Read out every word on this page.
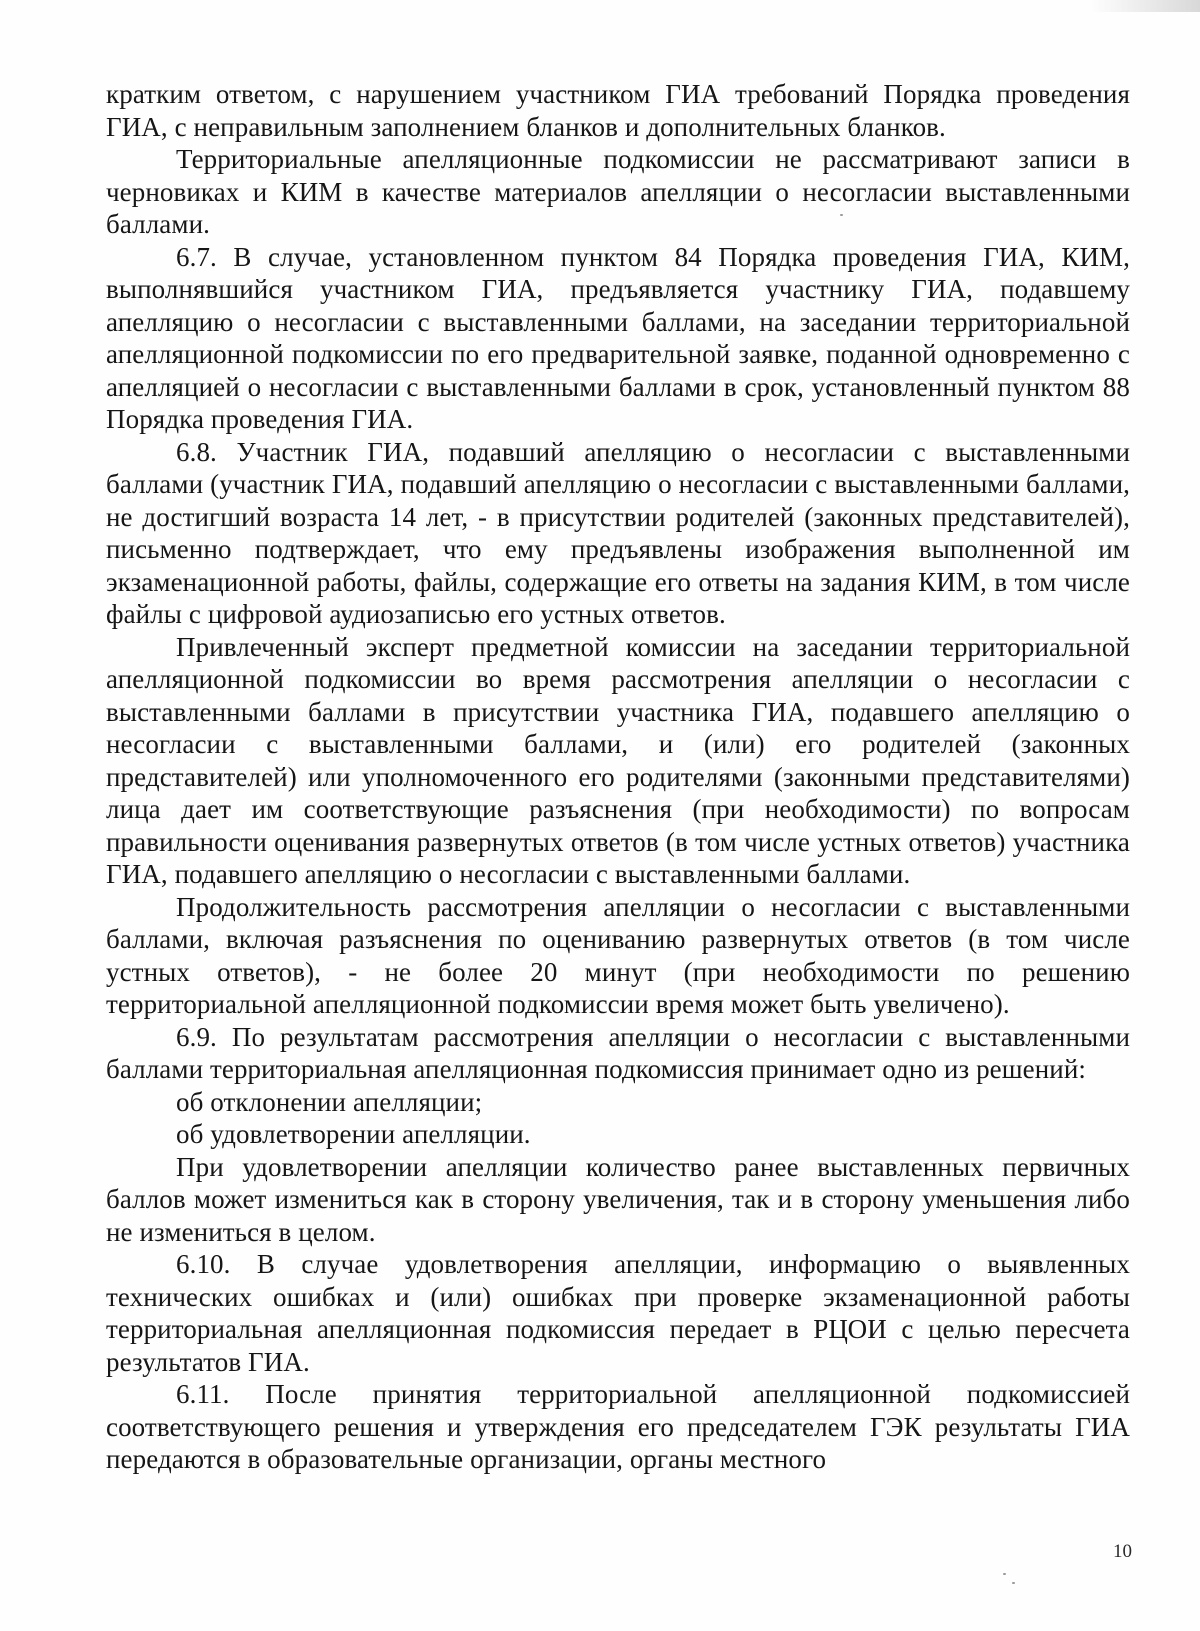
кратким ответом, с нарушением участником ГИА требований Порядка проведения ГИА, с неправильным заполнением бланков и дополнительных бланков.

Территориальные апелляционные подкомиссии не рассматривают записи в черновиках и КИМ в качестве материалов апелляции о несогласии выставленными баллами.

6.7. В случае, установленном пунктом 84 Порядка проведения ГИА, КИМ, выполнявшийся участником ГИА, предъявляется участнику ГИА, подавшему апелляцию о несогласии с выставленными баллами, на заседании территориальной апелляционной подкомиссии по его предварительной заявке, поданной одновременно с апелляцией о несогласии с выставленными баллами в срок, установленный пунктом 88 Порядка проведения ГИА.

6.8. Участник ГИА, подавший апелляцию о несогласии с выставленными баллами (участник ГИА, подавший апелляцию о несогласии с выставленными баллами, не достигший возраста 14 лет, - в присутствии родителей (законных представителей), письменно подтверждает, что ему предъявлены изображения выполненной им экзаменационной работы, файлы, содержащие его ответы на задания КИМ, в том числе файлы с цифровой аудиозаписью его устных ответов.

Привлеченный эксперт предметной комиссии на заседании территориальной апелляционной подкомиссии во время рассмотрения апелляции о несогласии с выставленными баллами в присутствии участника ГИА, подавшего апелляцию о несогласии с выставленными баллами, и (или) его родителей (законных представителей) или уполномоченного его родителями (законными представителями) лица дает им соответствующие разъяснения (при необходимости) по вопросам правильности оценивания развернутых ответов (в том числе устных ответов) участника ГИА, подавшего апелляцию о несогласии с выставленными баллами.

Продолжительность рассмотрения апелляции о несогласии с выставленными баллами, включая разъяснения по оцениванию развернутых ответов (в том числе устных ответов), - не более 20 минут (при необходимости по решению территориальной апелляционной подкомиссии время может быть увеличено).

6.9. По результатам рассмотрения апелляции о несогласии с выставленными баллами территориальная апелляционная подкомиссия принимает одно из решений:

об отклонении апелляции;

об удовлетворении апелляции.

При удовлетворении апелляции количество ранее выставленных первичных баллов может измениться как в сторону увеличения, так и в сторону уменьшения либо не измениться в целом.

6.10. В случае удовлетворения апелляции, информацию о выявленных технических ошибках и (или) ошибках при проверке экзаменационной работы территориальная апелляционная подкомиссия передает в РЦОИ с целью пересчета результатов ГИА.

6.11. После принятия территориальной апелляционной подкомиссией соответствующего решения и утверждения его председателем ГЭК результаты ГИА передаются в образовательные организации, органы местного

10
